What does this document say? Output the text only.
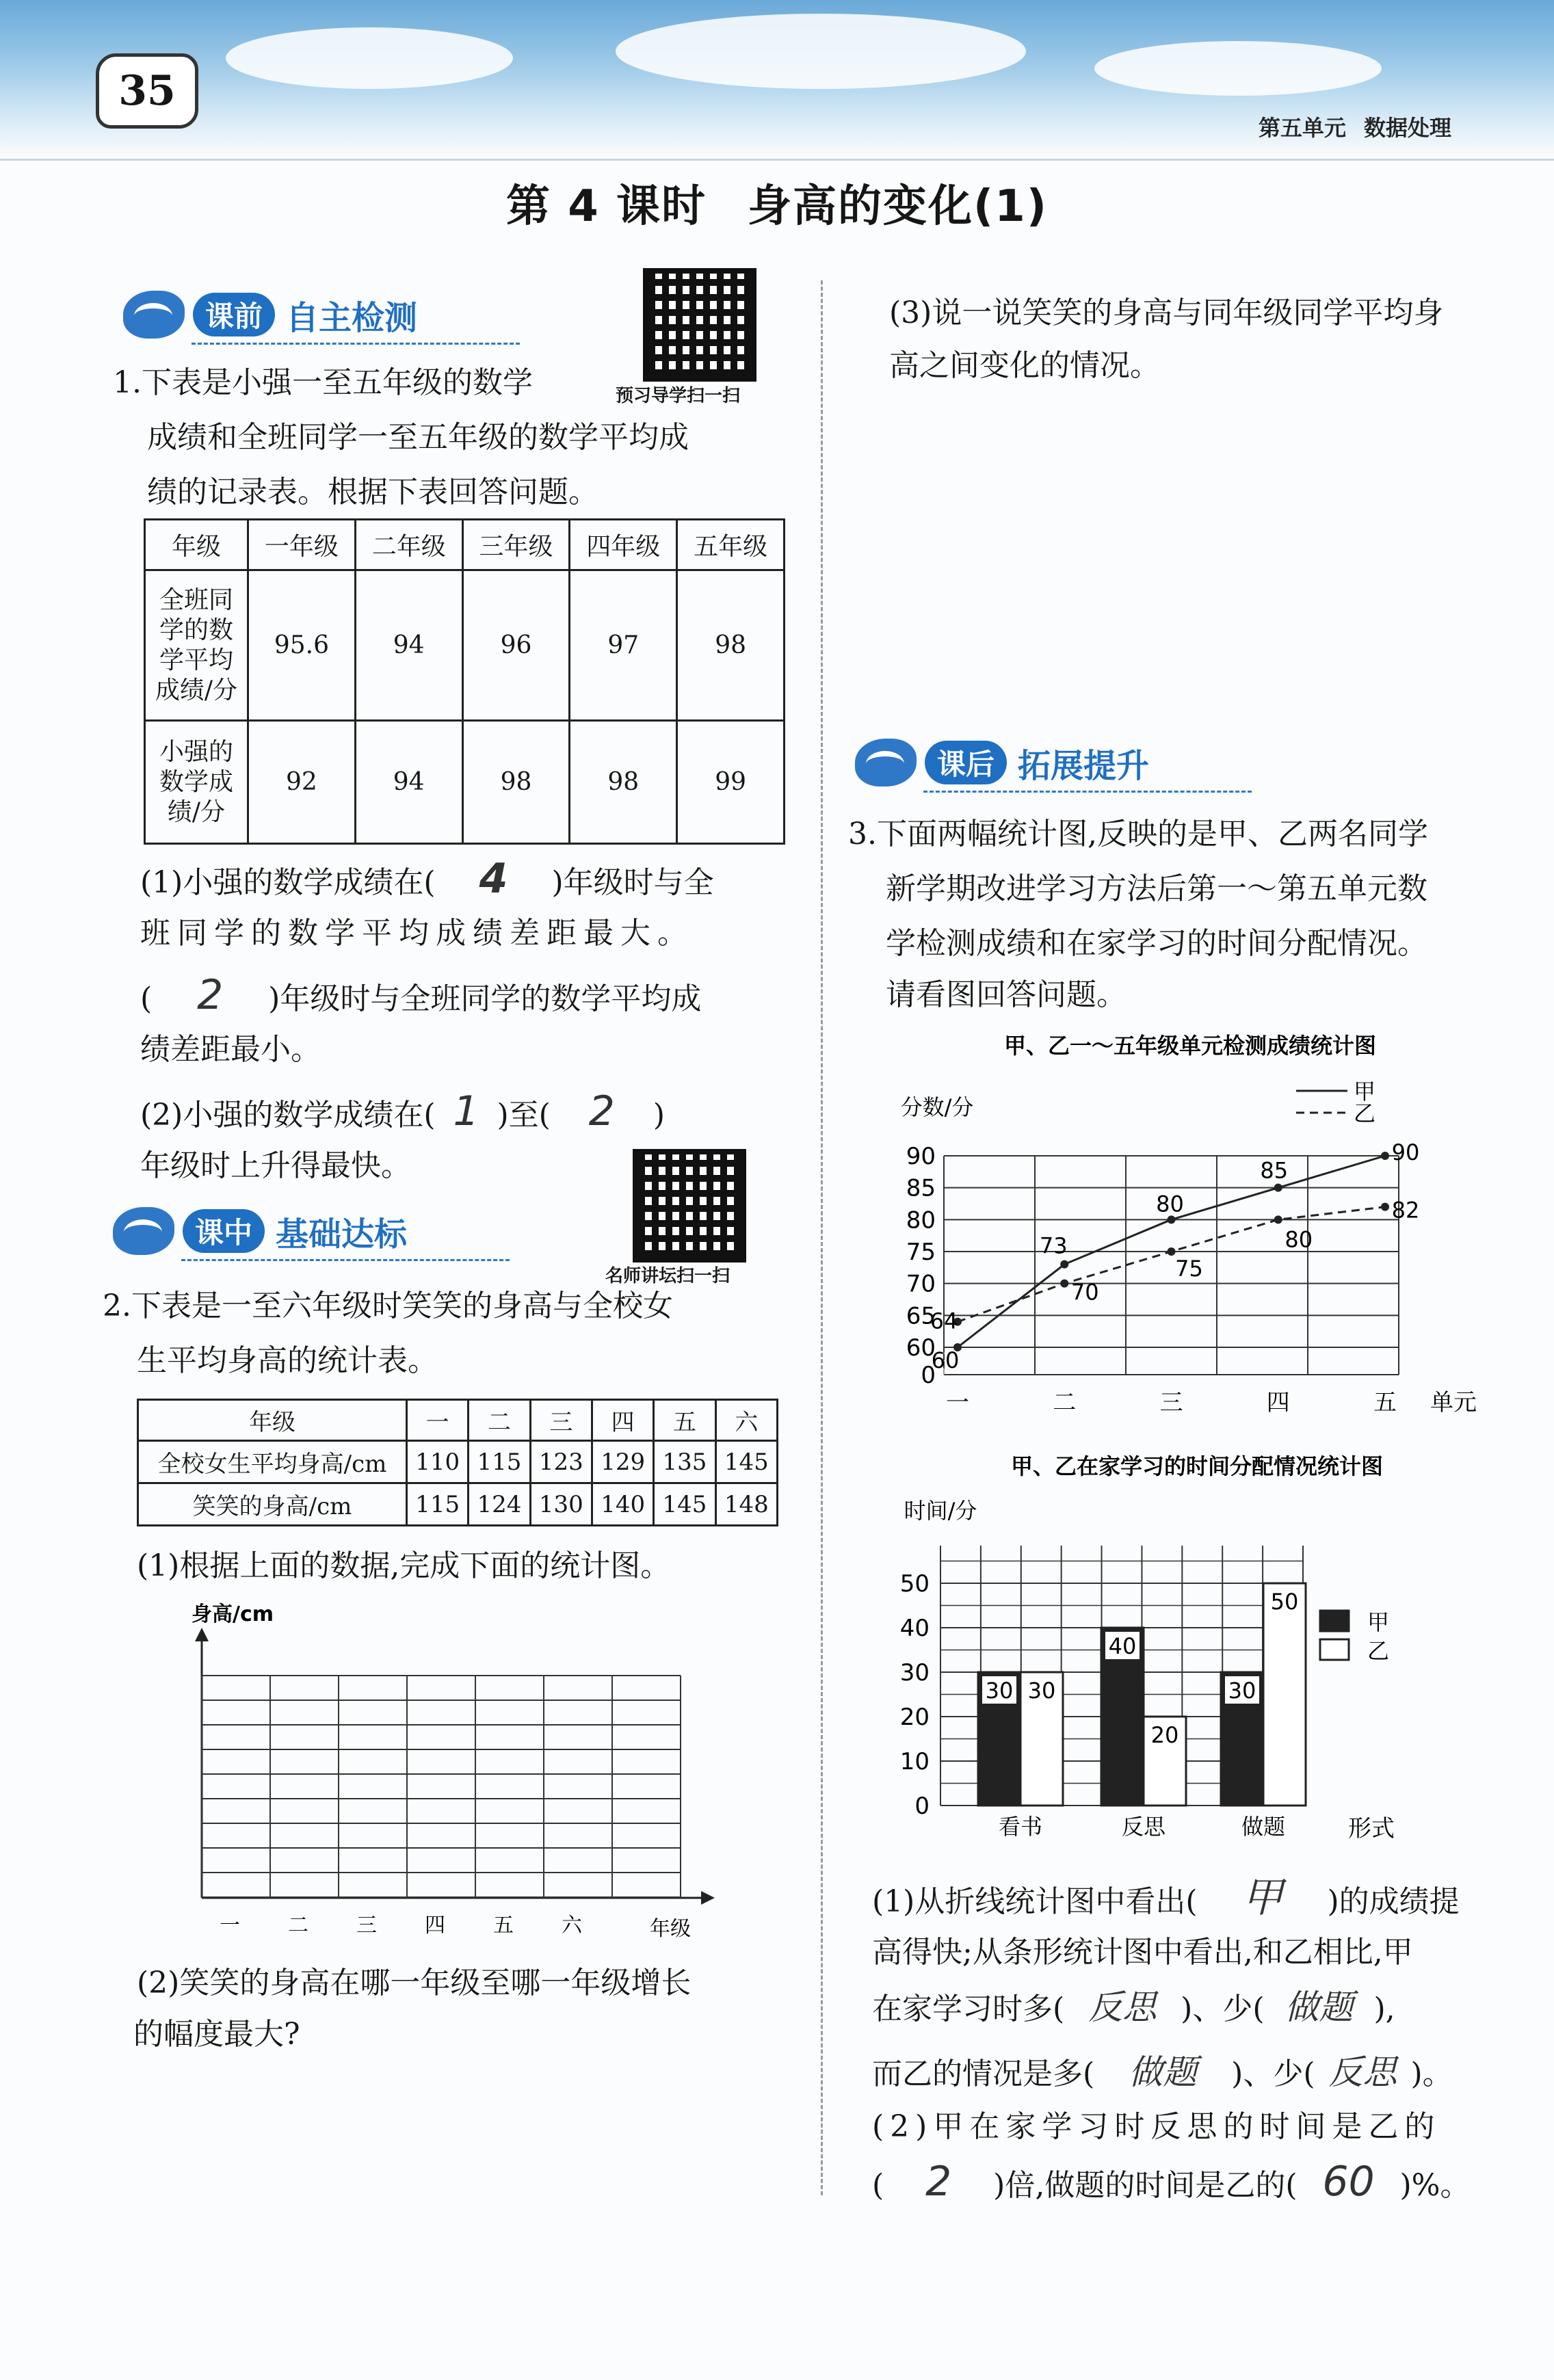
35
第五单元 数据处理
第 4 课时 身高的变化(1)
课前 自主检测
预习导学扫一扫
1.下表是小强一至五年级的数学
成绩和全班同学一至五年级的数学平均成
绩的记录表。根据下表回答问题。
年级	一年级	二年级	三年级	四年级	五年级

全班同
学的数
学平均
成绩/分	95.6	94	96	97	98

小强的
数学成
绩/分	92	94	98	98	99
(1)小强的数学成绩在( 4 )年级时与全
班同学的数学平均成绩差距最大。
( 2 )年级时与全班同学的数学平均成
绩差距最小。
(2)小强的数学成绩在( 1 )至( 2 )
年级时上升得最快。
课中 基础达标
名师讲坛扫一扫
2.下表是一至六年级时笑笑的身高与全校女
生平均身高的统计表。
年级	一	二	三	四	五	六
全校女生平均身高/cm	110	115	123	129	135	145
笑笑的身高/cm	115	124	130	140	145	148
(1)根据上面的数据,完成下面的统计图。
身高/cm
一 二 三 四 五 六	年级
(2)笑笑的身高在哪一年级至哪一年级增长
的幅度最大?
(3)说一说笑笑的身高与同年级同学平均身
高之间变化的情况。
课后 拓展提升
3.下面两幅统计图,反映的是甲、乙两名同学
新学期改进学习方法后第一～第五单元数
学检测成绩和在家学习的时间分配情况。
请看图回答问题。
甲、乙一～五年级单元检测成绩统计图
分数/分
甲
乙
0
60
65
70
75
80
85
90
一	二	三	四	五 单元
60
73
80
85
90
64
70
75
80
82
甲、乙在家学习的时间分配情况统计图
时间/分
0
10
20
30
40
50
30 30
看书
40
20
反思
30
50
做题	形式
甲
乙
(1)从折线统计图中看出( 甲 )的成绩提
高得快;从条形统计图中看出,和乙相比,甲
在家学习时多( 反思 )、少( 做题 ),
而乙的情况是多( 做题 )、少( 反思 )。
(2)甲在家学习时反思的时间是乙的
( 2 )倍,做题的时间是乙的( 60 )%。
